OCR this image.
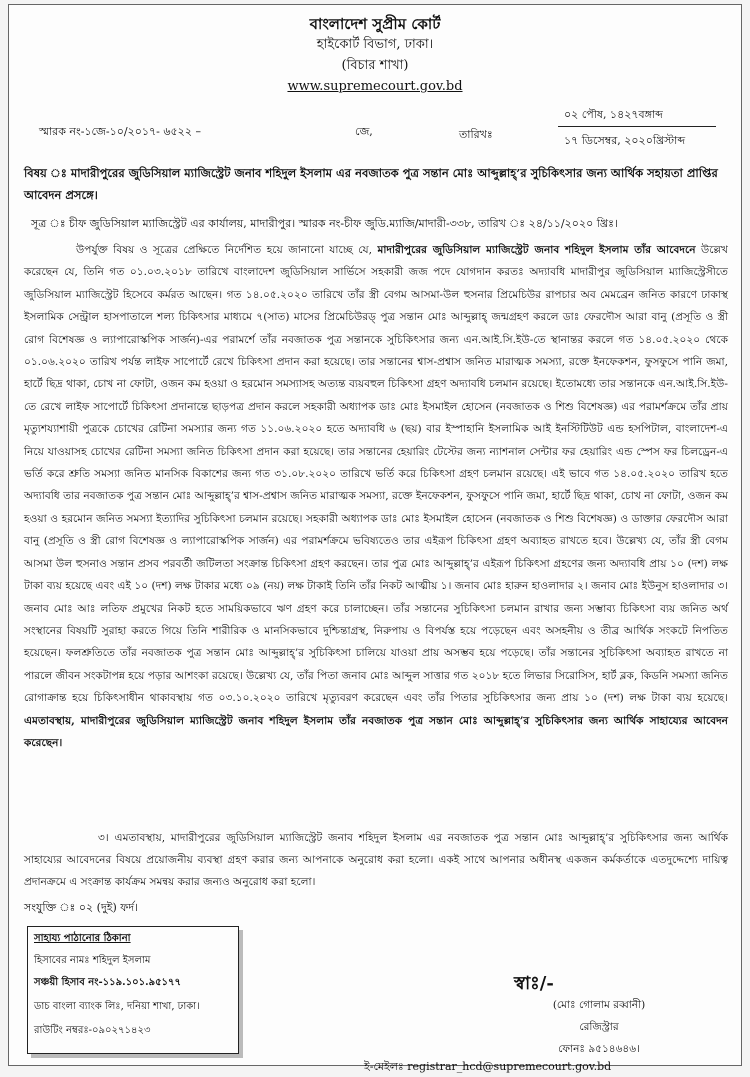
বাংলাদেশ সুপ্রীম কোর্ট
হাইকোর্ট বিভাগ, ঢাকা।
(বিচার শাখা)
www.supremecourt.gov.bd
স্মারক নং-১জে-১০/২০১৭- ৬৫২২ –	জে,	তারিখঃ
০২ পৌষ, ১৪২৭বঙ্গাব্দ
১৭ ডিসেম্বর, ২০২০খ্রিস্টাব্দ
বিষয় ঃ মাদারীপুরের জুডিসিয়াল ম্যাজিস্ট্রেট জনাব শহিদুল ইসলাম এর নবজাতক পুত্র সন্তান মোঃ আব্দুল্লাহ্’র সুচিকিৎসার জন্য আর্থিক সহায়তা প্রাপ্তির আবেদন প্রসঙ্গে।
সূত্র ঃ চীফ জুডিসিয়াল ম্যাজিস্ট্রেট এর কার্যালয়, মাদারীপুর। স্মারক নং-চীফ জুডি.ম্যাজি/মাদারী-৩৩৮, তারিখ ঃ ২৪/১১/২০২০ খ্রিঃ।

উপর্যুক্ত বিষয় ও সূত্রের প্রেক্ষিতে নির্দেশিত হয়ে জানানো যাচ্ছে যে, মাদারীপুরের জুডিসিয়াল ম্যাজিস্ট্রেট জনাব শহিদুল ইসলাম তাঁর আবেদনে উল্লেখ করেছেন যে, তিনি গত ০১.০৩.২০১৮ তারিখে বাংলাদেশ জুডিসিয়াল সার্ভিসে সহকারী জজ পদে যোগদান করতঃ অদ্যাবধি মাদারীপুর জুডিসিয়াল ম্যাজিস্ট্রেসীতে জুডিসিয়াল ম্যাজিস্ট্রেট হিসেবে কর্মরত আছেন। গত ১৪.০৫.২০২০ তারিখে তাঁর স্ত্রী বেগম আসমা-উল হুসনার প্রিমেচিউর রাপচার অব মেমব্রেন জনিত কারণে ঢাকাস্থ ইসলামিক সেন্ট্রাল হাসপাতালে শল্য চিকিৎসার মাধ্যমে ৭(সাত) মাসের প্রিমেচিউরড্ পুত্র সন্তান মোঃ আব্দুল্লাহ্ জন্মগ্রহণ করলে ডাঃ ফেরদৌস আরা বানু (প্রসূতি ও স্ত্রী রোগ বিশেষজ্ঞ ও ল্যাপারোস্কপিক সার্জন)-এর পরামর্শে তাঁর নবজাতক পুত্র সন্তানকে সুচিকিৎসার জন্য এন.আই.সি.ইউ-তে স্থানান্তর করলে গত ১৪.০৫.২০২০ থেকে ০১.০৬.২০২০ তারিখ পর্যন্ত লাইফ সাপোর্টে রেখে চিকিৎসা প্রদান করা হয়েছে। তার সন্তানের শ্বাস-প্রশ্বাস জনিত মারাত্মক সমস্যা, রক্তে ইনফেকশন, ফুসফুসে পানি জমা, হার্টে ছিদ্র থাকা, চোখ না ফোটা, ওজন কম হওয়া ও হরমোন সমস্যাসহ অত্যন্ত ব্যয়বহুল চিকিৎসা গ্রহণ অদ্যাবধি চলমান রয়েছে। ইতোমধ্যে তার সন্তানকে এন.আই.সি.ইউ-তে রেখে লাইফ সাপোর্টে চিকিৎসা প্রদানান্তে ছাড়পত্র প্রদান করলে সহকারী অধ্যাপক ডাঃ মোঃ ইসমাইল হোসেন (নবজাতক ও শিশু বিশেষজ্ঞ) এর পরামর্শক্রমে তাঁর প্রায় মৃত্যুশয্যাশায়ী পুত্রকে চোখের রেটিনা সমস্যার জন্য গত ১১.০৬.২০২০ হতে অদ্যাবধি ৬ (ছয়) বার ইস্পাহানি ইসলামিক আই ইনস্টিটিউট এন্ড হসপিটাল, বাংলাদেশ-এ নিয়ে যাওয়াসহ চোখের রেটিনা সমস্যা জনিত চিকিৎসা প্রদান করা হয়েছে। তার সন্তানের হেয়ারিং টেস্টের জন্য ন্যাশনাল সেন্টার ফর হেয়ারিং এন্ড স্পেস ফর চিলড্রেন-এ ভর্তি করে শ্রুতি সমস্যা জনিত মানসিক বিকাশের জন্য গত ৩১.০৮.২০২০ তারিখে ভর্তি করে চিকিৎসা গ্রহণ চলমান রয়েছে। এই ভাবে গত ১৪.০৫.২০২০ তারিখ হতে অদ্যাবধি তার নবজাতক পুত্র সন্তান মোঃ আব্দুল্লাহ্’র শ্বাস-প্রশ্বাস জনিত মারাত্মক সমস্যা, রক্তে ইনফেকশন, ফুসফুসে পানি জমা, হার্টে ছিদ্র থাকা, চোখ না ফোটা, ওজন কম হওয়া ও হরমোন জনিত সমস্যা ইত্যাদির সুচিকিৎসা চলমান রয়েছে। সহকারী অধ্যাপক ডাঃ মোঃ ইসমাইল হোসেন (নবজাতক ও শিশু বিশেষজ্ঞ) ও ডাক্তার ফেরদৌস আরা বানু (প্রসূতি ও স্ত্রী রোগ বিশেষজ্ঞ ও ল্যাপারোস্কপিক সার্জন) এর পরামর্শক্রমে ভবিষ্যতেও তার এইরূপ চিকিৎসা গ্রহণ অব্যাহত রাখতে হবে। উল্লেখ্য যে, তাঁর স্ত্রী বেগম আসমা উল হুসনাও সন্তান প্রসব পরবর্তী জটিলতা সংক্রান্ত চিকিৎসা গ্রহণ করছেন। তার পুত্র মোঃ আব্দুল্লাহ্’র এইরূপ চিকিৎসা গ্রহণের জন্য অদ্যাবধি প্রায় ১০ (দশ) লক্ষ টাকা ব্যয় হয়েছে এবং এই ১০ (দশ) লক্ষ টাকার মধ্যে ০৯ (নয়) লক্ষ টাকাই তিনি তাঁর নিকট আত্মীয় ১। জনাব মোঃ হারুন হাওলাদার ২। জনাব মোঃ ইউনুস হাওলাদার ৩। জনাব মোঃ আঃ লতিফ প্রমুখের নিকট হতে সাময়িকভাবে ঋণ গ্রহণ করে চালাচ্ছেন। তাঁর সন্তানের সুচিকিৎসা চলমান রাখার জন্য সম্ভাব্য চিকিৎসা ব্যয় জনিত অর্থ সংস্থানের বিষয়টি সুরাহা করতে গিয়ে তিনি শারীরিক ও মানসিকভাবে দুশ্চিন্তাগ্রস্থ, নিরুপায় ও বিপর্যস্ত হয়ে পড়েছেন এবং অসহনীয় ও তীব্র আর্থিক সংকটে নিপতিত হয়েছেন। ফলশ্রুতিতে তাঁর নবজাতক পুত্র সন্তান মোঃ আব্দুল্লাহ্’র সুচিকিৎসা চালিয়ে যাওয়া প্রায় অসম্ভব হয়ে পড়েছে। তাঁর সন্তানের সুচিকিৎসা অব্যাহত রাখতে না পারলে জীবন সংকটাপন্ন হয়ে পড়ার আশংকা রয়েছে। উল্লেখ্য যে, তাঁর পিতা জনাব মোঃ আব্দুল সাত্তার গত ২০১৮ হতে লিভার সিরোসিস, হার্ট ব্লক, কিডনি সমস্যা জনিত রোগাক্রান্ত হয়ে চিকিৎসাধীন থাকাবস্থায় গত ০৩.১০.২০২০ তারিখে মৃত্যুবরণ করেছেন এবং তাঁর পিতার সুচিকিৎসার জন্য প্রায় ১০ (দশ) লক্ষ টাকা ব্যয় হয়েছে। এমতাবস্থায়, মাদারীপুরের জুডিসিয়াল ম্যাজিস্ট্রেট জনাব শহিদুল ইসলাম তাঁর নবজাতক পুত্র সন্তান মোঃ আব্দুল্লাহ্’র সুচিকিৎসার জন্য আর্থিক সাহায্যের আবেদন করেছেন।

৩। এমতাবস্থায়, মাদারীপুরের জুডিসিয়াল ম্যাজিস্ট্রেট জনাব শহিদুল ইসলাম এর নবজাতক পুত্র সন্তান মোঃ আব্দুল্লাহ্’র সুচিকিৎসার জন্য আর্থিক সাহায্যের আবেদনের বিষয়ে প্রয়োজনীয় ব্যবস্থা গ্রহণ করার জন্য আপনাকে অনুরোধ করা হলো। একই সাথে আপনার অধীনস্থ একজন কর্মকর্তাকে এতদুদ্দেশ্যে দায়িত্ব প্রদানক্রমে এ সংক্রান্ত কার্যক্রম সমন্বয় করার জন্যও অনুরোধ করা হলো।

সংযুক্তি ঃ ০২ (দুই) ফর্দ।
সাহায্য পাঠানোর ঠিকানা
হিসাবের নামঃ শহিদুল ইসলাম
সঞ্চয়ী হিসাব নং-১১৯.১০১.৯৫১৭৭
ডাচ বাংলা ব্যাংক লিঃ, দনিয়া শাখা, ঢাকা।
রাউটিং নম্বরঃ-০৯০২৭১৪২৩
স্বাঃ/-
(মোঃ গোলাম রব্বানী)
রেজিস্ট্রার
ফোনঃ ৯৫১৪৬৪৬।
ই-মেইলঃ registrar_hcd@supremecourt.gov.bd
